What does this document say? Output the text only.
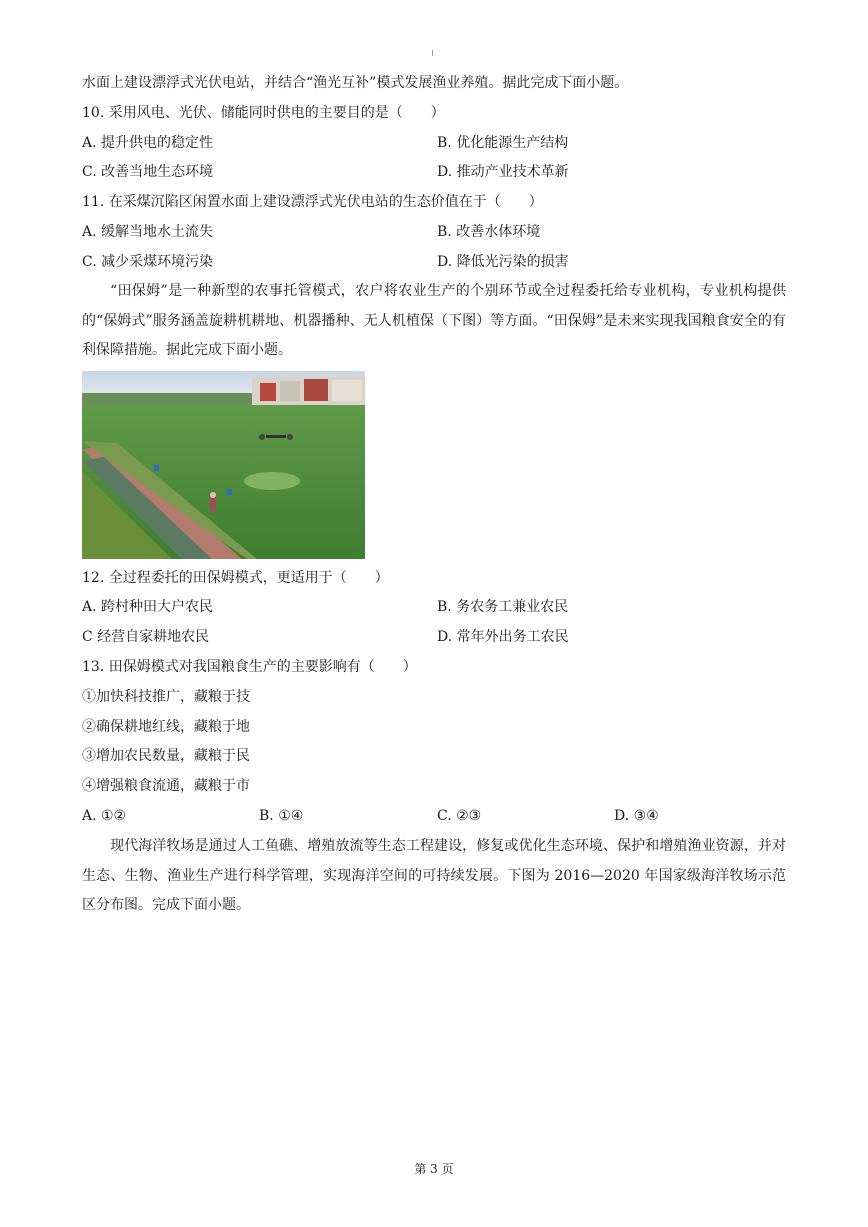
水面上建设漂浮式光伏电站，并结合“渔光互补”模式发展渔业养殖。据此完成下面小题。
10. 采用风电、光伏、储能同时供电的主要目的是（　　）
A. 提升供电的稳定性	B. 优化能源生产结构
C. 改善当地生态环境	D. 推动产业技术革新
11. 在采煤沉陷区闲置水面上建设漂浮式光伏电站的生态价值在于（　　）
A. 缓解当地水土流失	B. 改善水体环境
C. 减少采煤环境污染	D. 降低光污染的损害
“田保姆”是一种新型的农事托管模式，农户将农业生产的个别环节或全过程委托给专业机构，专业机构提供的“保姆式”服务涵盖旋耕机耕地、机器播种、无人机植保（下图）等方面。“田保姆”是未来实现我国粮食安全的有利保障措施。据此完成下面小题。
12. 全过程委托的田保姆模式，更适用于（　　）
A. 跨村种田大户农民	B. 务农务工兼业农民
C 经营自家耕地农民	D. 常年外出务工农民
13. 田保姆模式对我国粮食生产的主要影响有（　　）
①加快科技推广，藏粮于技
②确保耕地红线，藏粮于地
③增加农民数量，藏粮于民
④增强粮食流通，藏粮于市
A. ①②	B. ①④	C. ②③	D. ③④
现代海洋牧场是通过人工鱼礁、增殖放流等生态工程建设，修复或优化生态环境、保护和增殖渔业资源，并对生态、生物、渔业生产进行科学管理，实现海洋空间的可持续发展。下图为 2016—2020 年国家级海洋牧场示范区分布图。完成下面小题。
第 3 页
